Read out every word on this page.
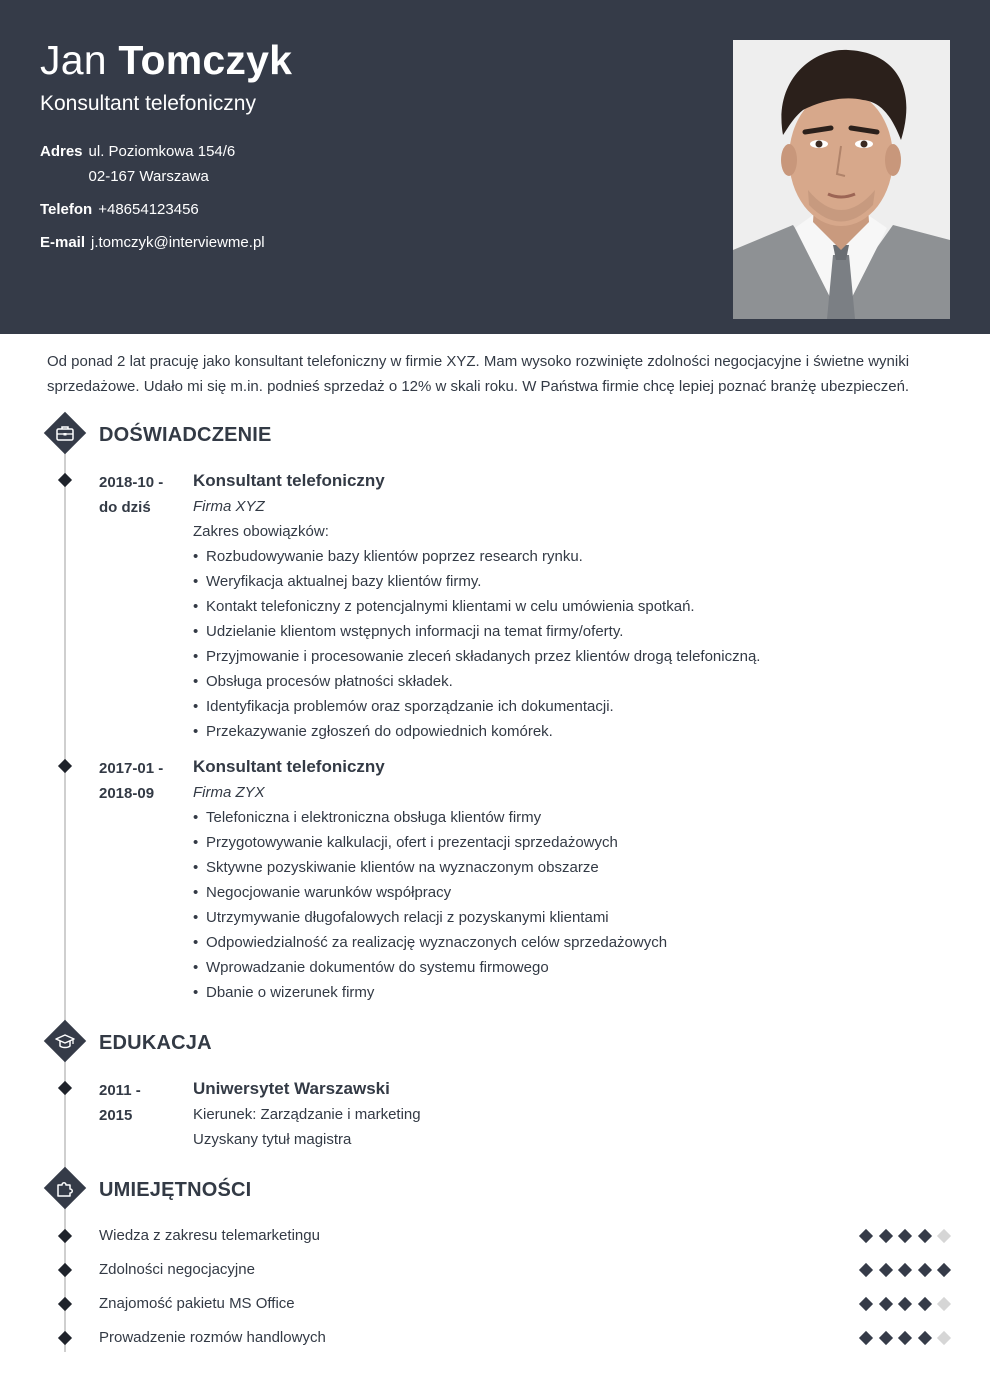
Jan Tomczyk
Konsultant telefoniczny
Adres ul. Poziomkowa 154/6
02-167 Warszawa
Telefon +48654123456
E-mail j.tomczyk@interviewme.pl
Od ponad 2 lat pracuję jako konsultant telefoniczny w firmie XYZ. Mam wysoko rozwinięte zdolności negocjacyjne i świetne wyniki sprzedażowe. Udało mi się m.in. podnieś sprzedaż o 12% w skali roku. W Państwa firmie chcę lepiej poznać branżę ubezpieczeń.
DOŚWIADCZENIE
2018-10 -
do dziś
Konsultant telefoniczny
Firma XYZ
Zakres obowiązków:
• Rozbudowywanie bazy klientów poprzez research rynku.
• Weryfikacja aktualnej bazy klientów firmy.
• Kontakt telefoniczny z potencjalnymi klientami w celu umówienia spotkań.
• Udzielanie klientom wstępnych informacji na temat firmy/oferty.
• Przyjmowanie i procesowanie zleceń składanych przez klientów drogą telefoniczną.
• Obsługa procesów płatności składek.
• Identyfikacja problemów oraz sporządzanie ich dokumentacji.
• Przekazywanie zgłoszeń do odpowiednich komórek.
2017-01 -
2018-09
Konsultant telefoniczny
Firma ZYX
• Telefoniczna i elektroniczna obsługa klientów firmy
• Przygotowywanie kalkulacji, ofert i prezentacji sprzedażowych
• Sktywne pozyskiwanie klientów na wyznaczonym obszarze
• Negocjowanie warunków współpracy
• Utrzymywanie długofalowych relacji z pozyskanymi klientami
• Odpowiedzialność za realizację wyznaczonych celów sprzedażowych
• Wprowadzanie dokumentów do systemu firmowego
• Dbanie o wizerunek firmy
EDUKACJA
2011 -
2015
Uniwersytet Warszawski
Kierunek: Zarządzanie i marketing
Uzyskany tytuł magistra
UMIEJĘTNOŚCI
Wiedza z zakresu telemarketingu
Zdolności negocjacyjne
Znajomość pakietu MS Office
Prowadzenie rozmów handlowych
